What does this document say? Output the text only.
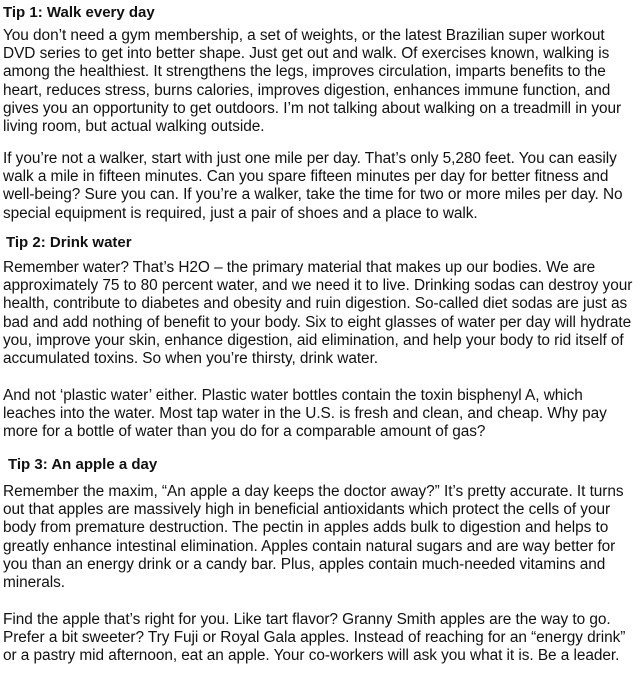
Tip 1: Walk every day

You don’t need a gym membership, a set of weights, or the latest Brazilian super workout DVD series to get into better shape. Just get out and walk. Of exercises known, walking is among the healthiest. It strengthens the legs, improves circulation, imparts benefits to the heart, reduces stress, burns calories, improves digestion, enhances immune function, and gives you an opportunity to get outdoors. I’m not talking about walking on a treadmill in your living room, but actual walking outside.

If you’re not a walker, start with just one mile per day. That’s only 5,280 feet. You can easily walk a mile in fifteen minutes. Can you spare fifteen minutes per day for better fitness and well-being? Sure you can. If you’re a walker, take the time for two or more miles per day. No special equipment is required, just a pair of shoes and a place to walk.

Tip 2: Drink water

Remember water? That’s H2O – the primary material that makes up our bodies. We are approximately 75 to 80 percent water, and we need it to live. Drinking sodas can destroy your health, contribute to diabetes and obesity and ruin digestion. So-called diet sodas are just as bad and add nothing of benefit to your body. Six to eight glasses of water per day will hydrate you, improve your skin, enhance digestion, aid elimination, and help your body to rid itself of accumulated toxins. So when you’re thirsty, drink water.

And not ‘plastic water’ either. Plastic water bottles contain the toxin bisphenyl A, which leaches into the water. Most tap water in the U.S. is fresh and clean, and cheap. Why pay more for a bottle of water than you do for a comparable amount of gas?

Tip 3: An apple a day

Remember the maxim, “An apple a day keeps the doctor away?” It’s pretty accurate. It turns out that apples are massively high in beneficial antioxidants which protect the cells of your body from premature destruction. The pectin in apples adds bulk to digestion and helps to greatly enhance intestinal elimination. Apples contain natural sugars and are way better for you than an energy drink or a candy bar. Plus, apples contain much-needed vitamins and minerals.

Find the apple that’s right for you. Like tart flavor? Granny Smith apples are the way to go. Prefer a bit sweeter? Try Fuji or Royal Gala apples. Instead of reaching for an “energy drink” or a pastry mid afternoon, eat an apple. Your co-workers will ask you what it is. Be a leader.
